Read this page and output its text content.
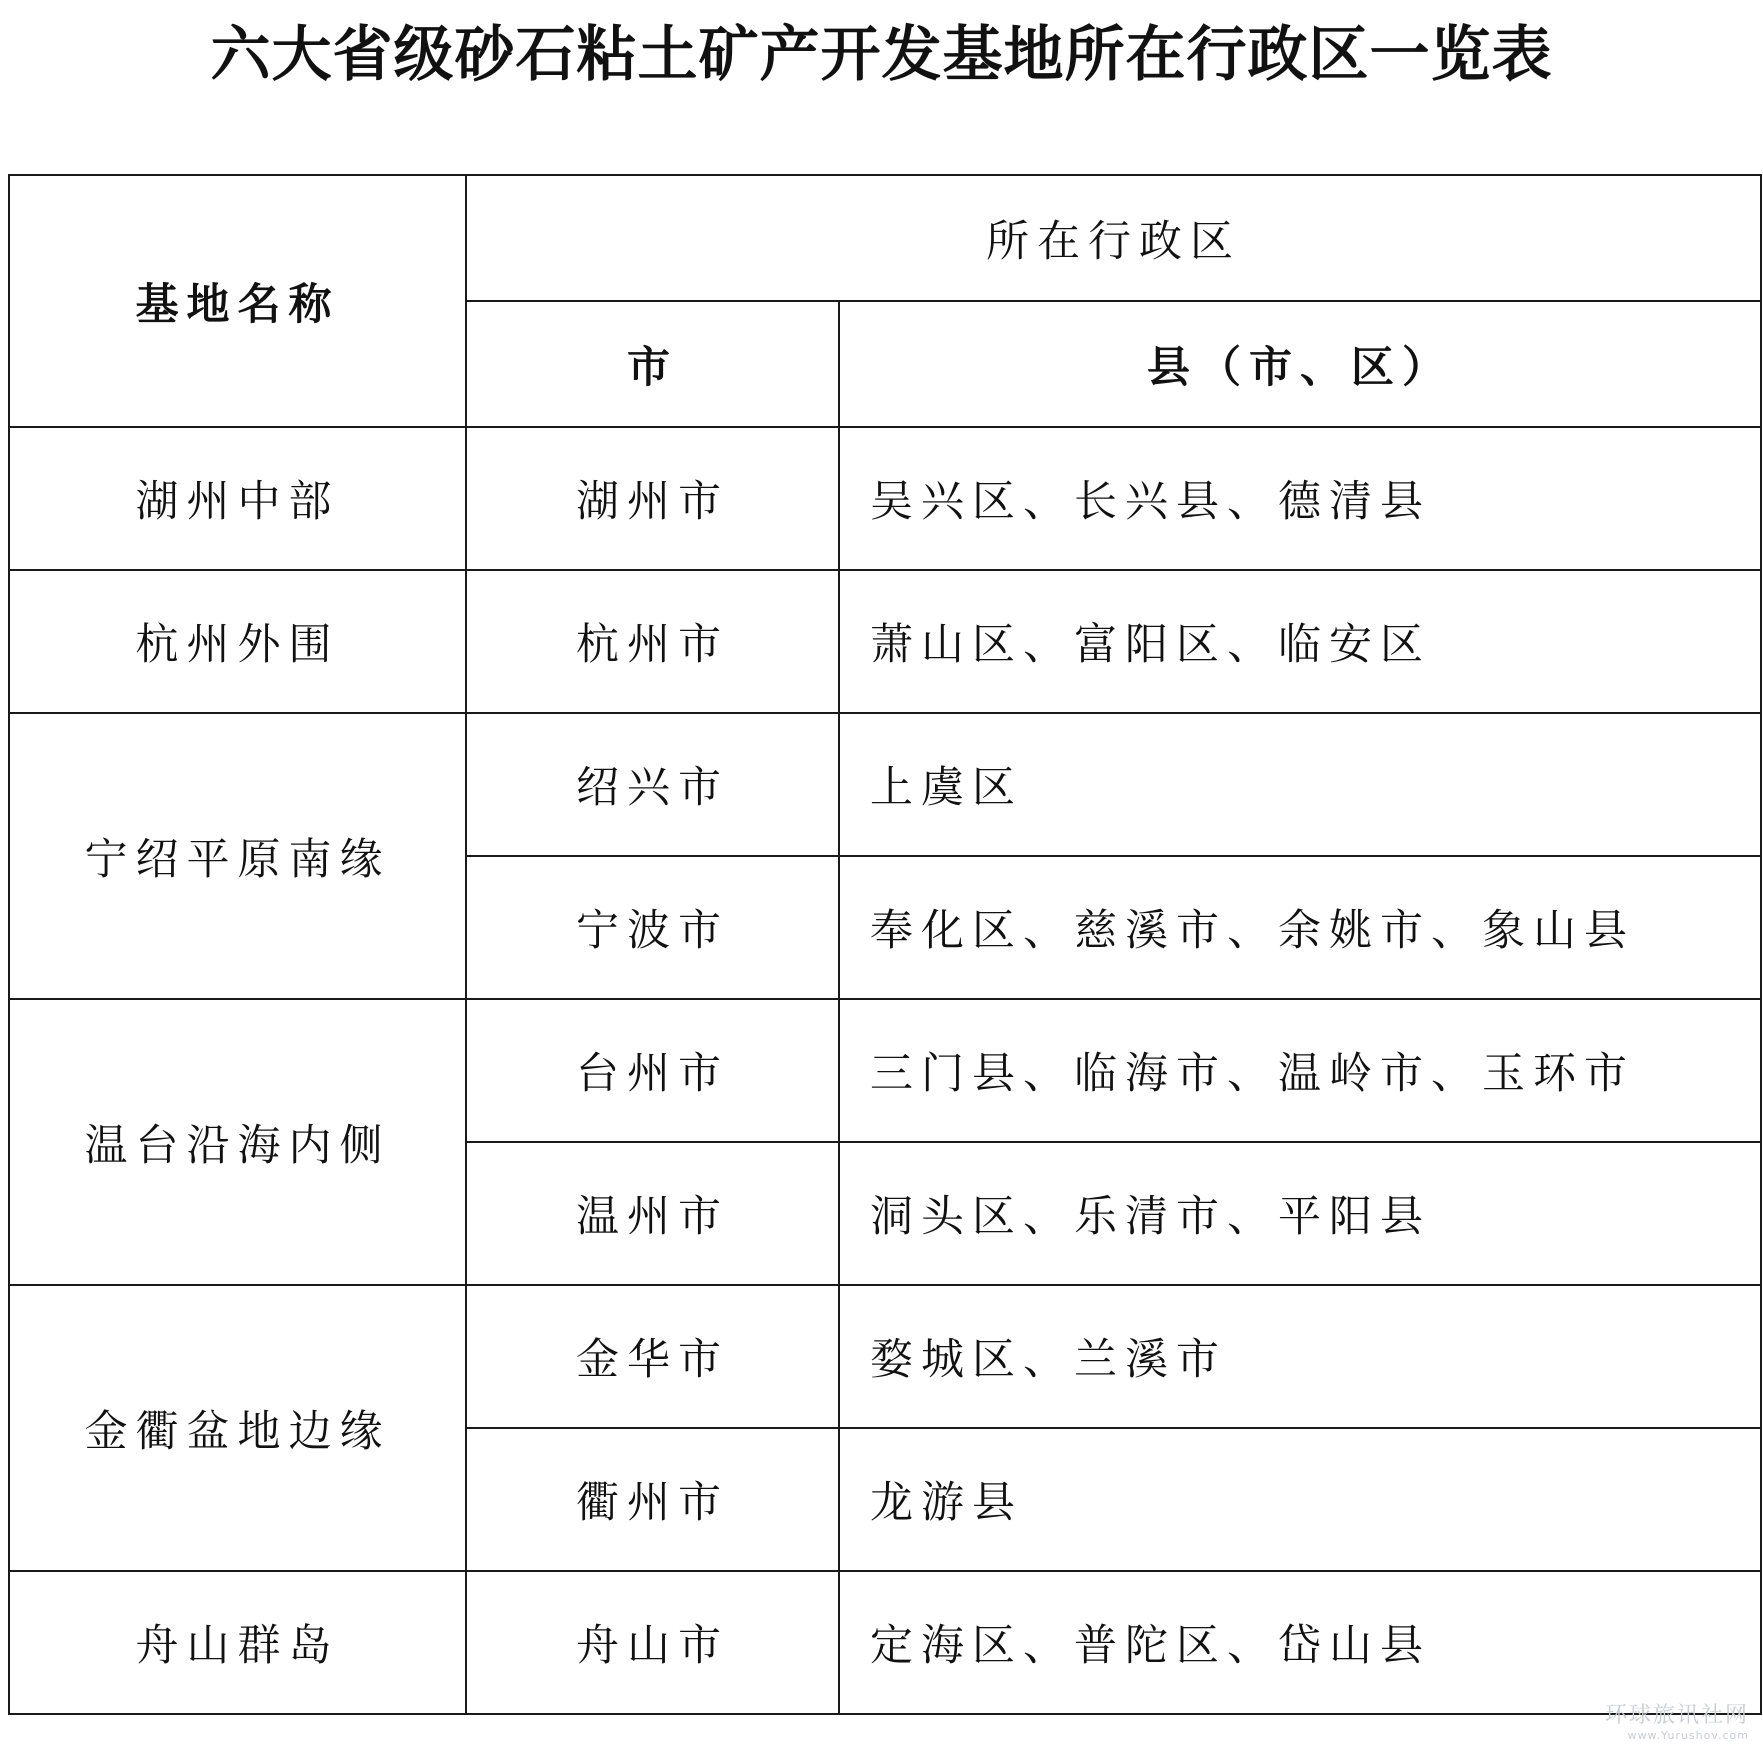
六大省级砂石粘土矿产开发基地所在行政区一览表
基地名称	所在行政区	
	市	县（市、区）
湖州中部	湖州市	吴兴区、长兴县、德清县
杭州外围	杭州市	萧山区、富阳区、临安区
宁绍平原南缘	绍兴市	上虞区
	宁波市	奉化区、慈溪市、余姚市、象山县
温台沿海内侧	台州市	三门县、临海市、温岭市、玉环市
	温州市	洞头区、乐清市、平阳县
金衢盆地边缘	金华市	婺城区、兰溪市
	衢州市	龙游县
舟山群岛	舟山市	定海区、普陀区、岱山县
环球旅讯社网
www.Yurushov.com
